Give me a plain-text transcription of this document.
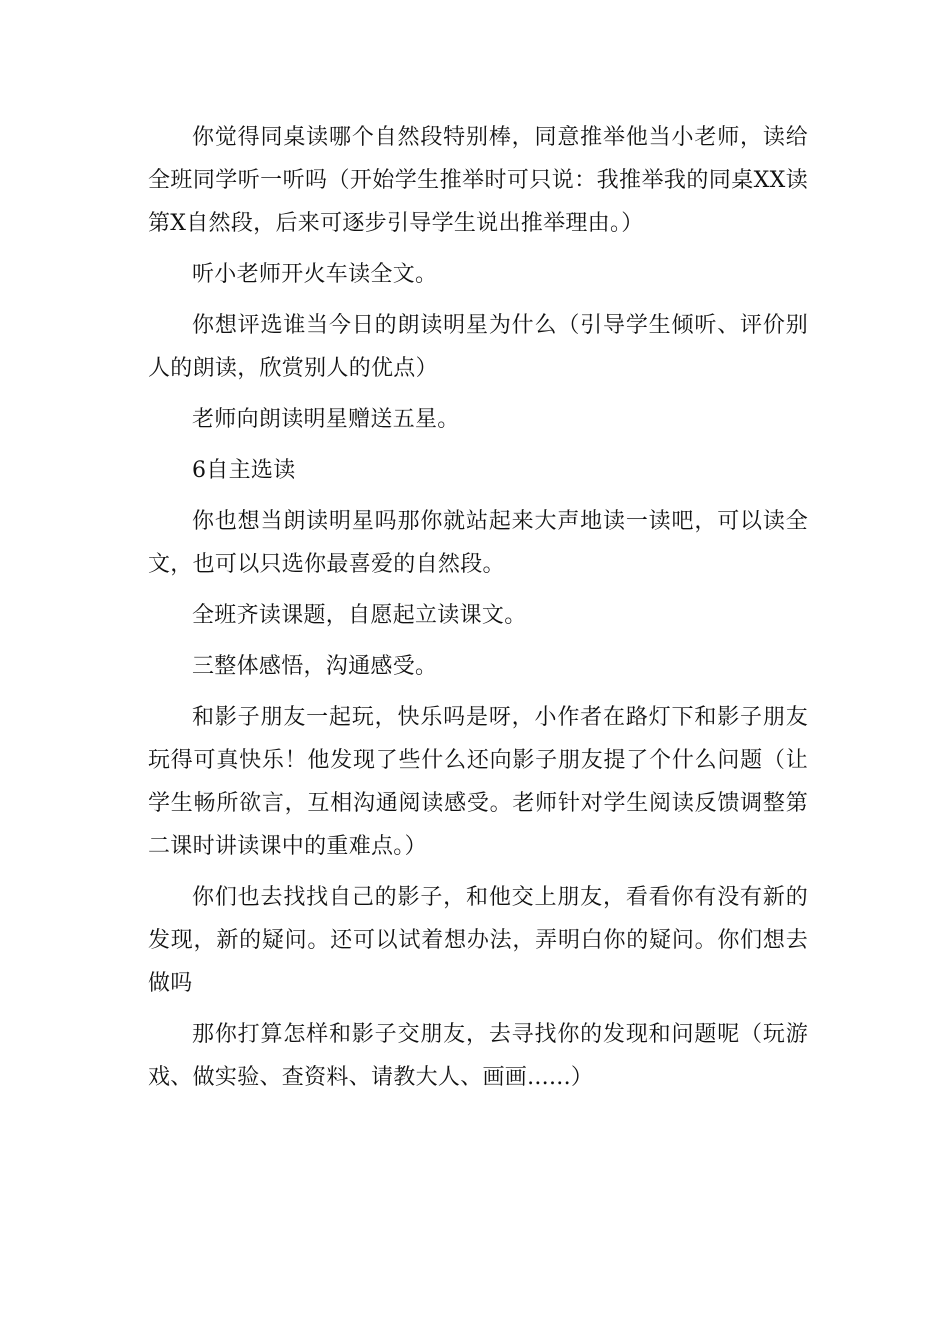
你觉得同桌读哪个自然段特别棒，同意推举他当小老师，读给全班同学听一听吗（开始学生推举时可只说：我推举我的同桌XX读第X自然段，后来可逐步引导学生说出推举理由。）

听小老师开火车读全文。

你想评选谁当今日的朗读明星为什么（引导学生倾听、评价别人的朗读，欣赏别人的优点）

老师向朗读明星赠送五星。

6自主选读

你也想当朗读明星吗那你就站起来大声地读一读吧，可以读全文，也可以只选你最喜爱的自然段。

全班齐读课题，自愿起立读课文。

三整体感悟，沟通感受。

和影子朋友一起玩，快乐吗是呀，小作者在路灯下和影子朋友玩得可真快乐！他发现了些什么还向影子朋友提了个什么问题（让学生畅所欲言，互相沟通阅读感受。老师针对学生阅读反馈调整第二课时讲读课中的重难点。）

你们也去找找自己的影子，和他交上朋友，看看你有没有新的发现，新的疑问。还可以试着想办法，弄明白你的疑问。你们想去做吗

那你打算怎样和影子交朋友，去寻找你的发现和问题呢（玩游戏、做实验、查资料、请教大人、画画......）
